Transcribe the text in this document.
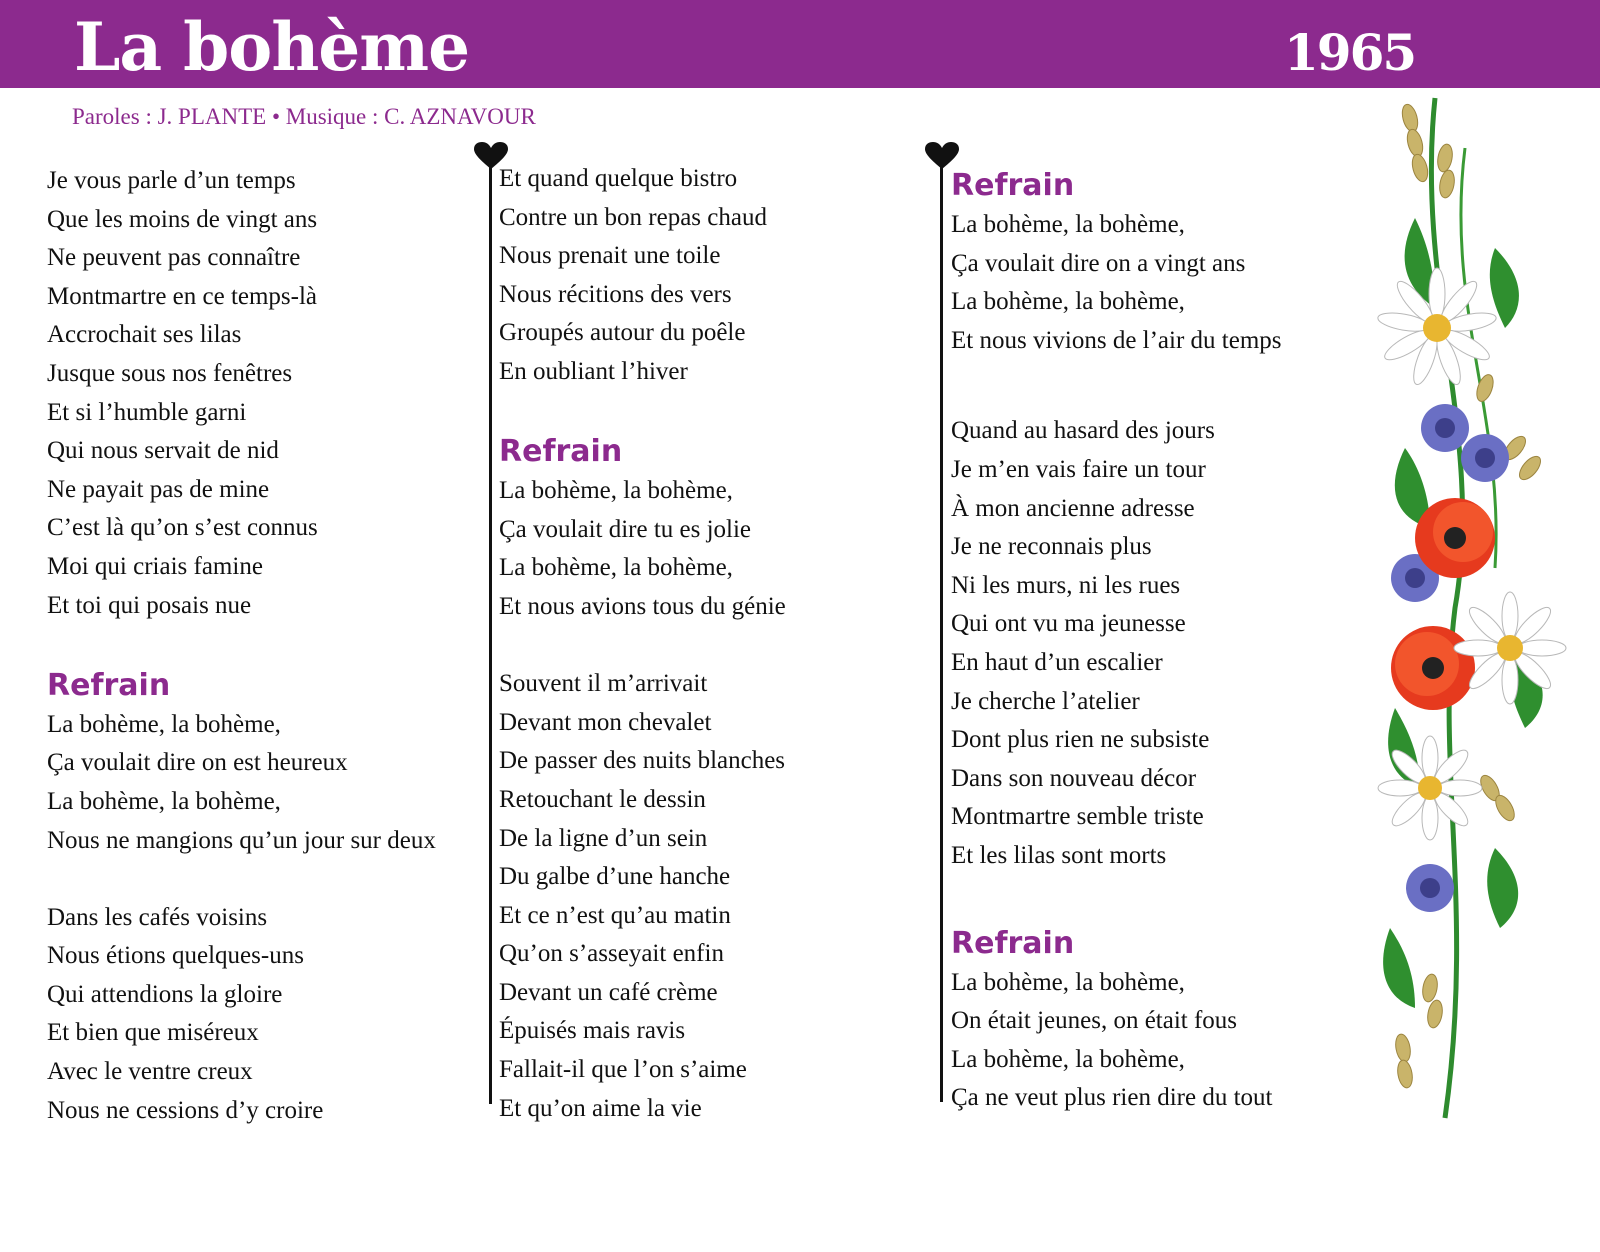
La bohème	1965
Paroles : J. PLANTE • Musique : C. AZNAVOUR
Je vous parle d’un temps
Que les moins de vingt ans
Ne peuvent pas connaître
Montmartre en ce temps-là
Accrochait ses lilas
Jusque sous nos fenêtres
Et si l’humble garni
Qui nous servait de nid
Ne payait pas de mine
C’est là qu’on s’est connus
Moi qui criais famine
Et toi qui posais nue
Refrain
La bohème, la bohème,
Ça voulait dire on est heureux
La bohème, la bohème,
Nous ne mangions qu’un jour sur deux
Dans les cafés voisins
Nous étions quelques-uns
Qui attendions la gloire
Et bien que miséreux
Avec le ventre creux
Nous ne cessions d’y croire
Et quand quelque bistro
Contre un bon repas chaud
Nous prenait une toile
Nous récitions des vers
Groupés autour du poêle
En oubliant l’hiver
Refrain
La bohème, la bohème,
Ça voulait dire tu es jolie
La bohème, la bohème,
Et nous avions tous du génie
Souvent il m’arrivait
Devant mon chevalet
De passer des nuits blanches
Retouchant le dessin
De la ligne d’un sein
Du galbe d’une hanche
Et ce n’est qu’au matin
Qu’on s’asseyait enfin
Devant un café crème
Épuisés mais ravis
Fallait-il que l’on s’aime
Et qu’on aime la vie
Refrain
La bohème, la bohème,
Ça voulait dire on a vingt ans
La bohème, la bohème,
Et nous vivions de l’air du temps
Quand au hasard des jours
Je m’en vais faire un tour
À mon ancienne adresse
Je ne reconnais plus
Ni les murs, ni les rues
Qui ont vu ma jeunesse
En haut d’un escalier
Je cherche l’atelier
Dont plus rien ne subsiste
Dans son nouveau décor
Montmartre semble triste
Et les lilas sont morts
Refrain
La bohème, la bohème,
On était jeunes, on était fous
La bohème, la bohème,
Ça ne veut plus rien dire du tout
